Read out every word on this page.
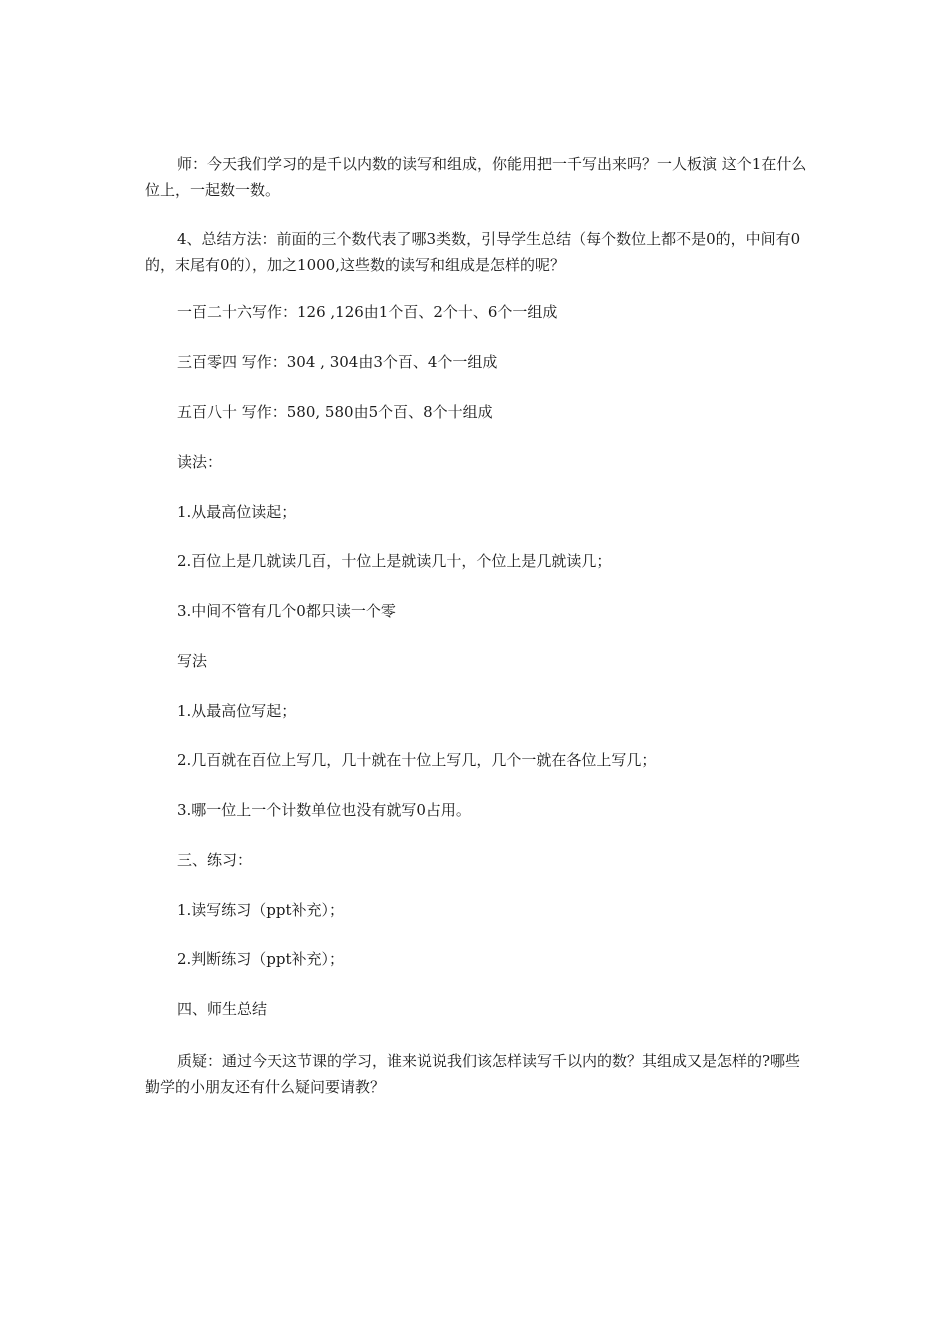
师：今天我们学习的是千以内数的读写和组成，你能用把一千写出来吗？一人板演 这个1在什么位上，一起数一数。

4、总结方法：前面的三个数代表了哪3类数，引导学生总结（每个数位上都不是0的，中间有0的，末尾有0的），加之1000,这些数的读写和组成是怎样的呢？

一百二十六写作：126 ,126由1个百、2个十、6个一组成

三百零四 写作：304 , 304由3个百、4个一组成

五百八十 写作：580, 580由5个百、8个十组成

读法：

1.从最高位读起；

2.百位上是几就读几百，十位上是就读几十，个位上是几就读几；

3.中间不管有几个0都只读一个零

写法

1.从最高位写起；

2.几百就在百位上写几，几十就在十位上写几，几个一就在各位上写几；

3.哪一位上一个计数单位也没有就写0占用。

三、练习：

1.读写练习（ppt补充）；

2.判断练习（ppt补充）；

四、师生总结

质疑：通过今天这节课的学习，谁来说说我们该怎样读写千以内的数？其组成又是怎样的?哪些勤学的小朋友还有什么疑问要请教？
